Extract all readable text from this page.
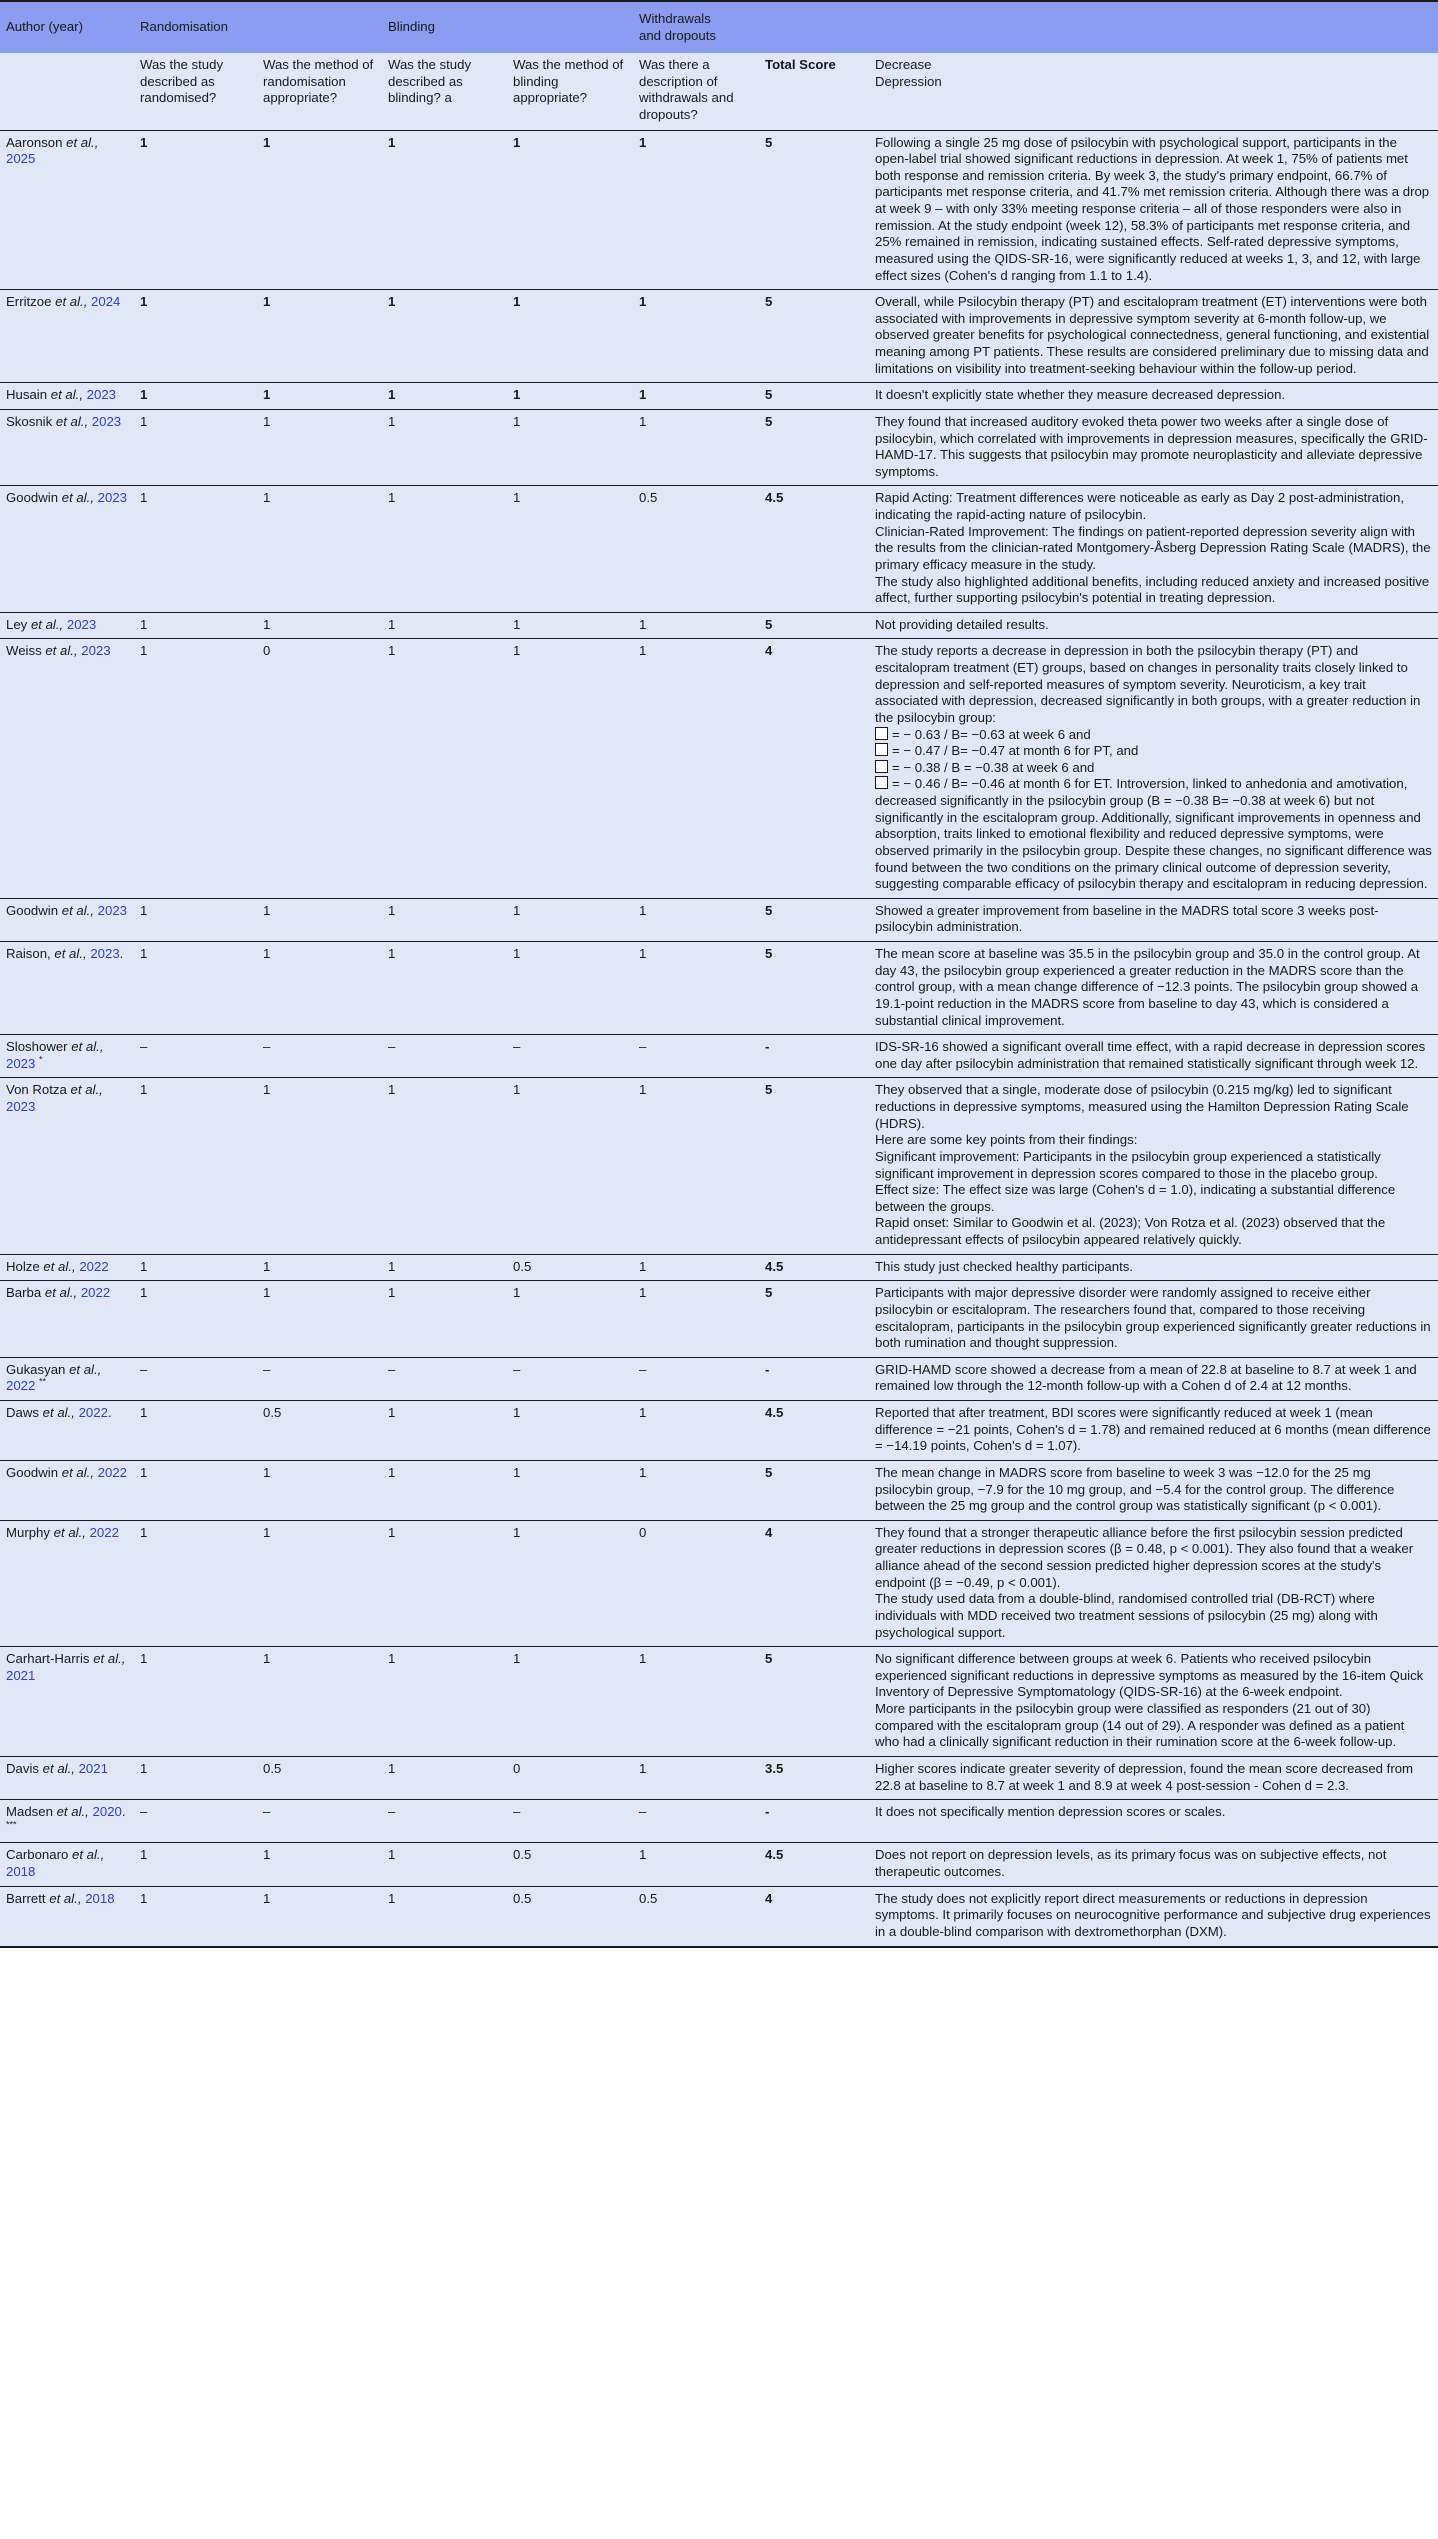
Author (year)	Randomisation		Blinding		Withdrawals
and dropouts		
	Was the study described as randomised?	Was the method of randomisation appropriate?	Was the study described as blinding? a	Was the method of blinding appropriate?	Was there a description of withdrawals and dropouts?	Total Score	Decrease
Depression
Aaronson et al., 2025	1	1	1	1	1	5	Following a single 25 mg dose of psilocybin with psychological support, participants in the open-label trial showed significant reductions in depression. At week 1, 75% of patients met both response and remission criteria. By week 3, the study's primary endpoint, 66.7% of participants met response criteria, and 41.7% met remission criteria. Although there was a drop at week 9 – with only 33% meeting response criteria – all of those responders were also in remission. At the study endpoint (week 12), 58.3% of participants met response criteria, and 25% remained in remission, indicating sustained effects. Self-rated depressive symptoms, measured using the QIDS-SR-16, were significantly reduced at weeks 1, 3, and 12, with large effect sizes (Cohen's d ranging from 1.1 to 1.4).
Erritzoe et al., 2024	1	1	1	1	1	5	Overall, while Psilocybin therapy (PT) and escitalopram treatment (ET) interventions were both associated with improvements in depressive symptom severity at 6-month follow-up, we observed greater benefits for psychological connectedness, general functioning, and existential meaning among PT patients. These results are considered preliminary due to missing data and limitations on visibility into treatment-seeking behaviour within the follow-up period.
Husain et al., 2023	1	1	1	1	1	5	It doesn't explicitly state whether they measure decreased depression.
Skosnik et al., 2023	1	1	1	1	1	5	They found that increased auditory evoked theta power two weeks after a single dose of psilocybin, which correlated with improvements in depression measures, specifically the GRID-HAMD-17. This suggests that psilocybin may promote neuroplasticity and alleviate depressive symptoms.
Goodwin et al., 2023	1	1	1	1	0.5	4.5	Rapid Acting: Treatment differences were noticeable as early as Day 2 post-administration, indicating the rapid-acting nature of psilocybin.

Clinician-Rated Improvement: The findings on patient-reported depression severity align with the results from the clinician-rated Montgomery-Åsberg Depression Rating Scale (MADRS), the primary efficacy measure in the study.

The study also highlighted additional benefits, including reduced anxiety and increased positive affect, further supporting psilocybin's potential in treating depression.

Ley et al., 2023	1	1	1	1	1	5	Not providing detailed results.
Weiss et al., 2023	1	0	1	1	1	4	The study reports a decrease in depression in both the psilocybin therapy (PT) and escitalopram treatment (ET) groups, based on changes in personality traits closely linked to depression and self-reported measures of symptom severity. Neuroticism, a key trait associated with depression, decreased significantly in both groups, with a greater reduction in the psilocybin group:

= − 0.63 / B= −0.63 at week 6 and

= − 0.47 / B= −0.47 at month 6 for PT, and

= − 0.38 / B = −0.38 at week 6 and

= − 0.46 / B= −0.46 at month 6 for ET. Introversion, linked to anhedonia and amotivation, decreased significantly in the psilocybin group (B = −0.38 B= −0.38 at week 6) but not significantly in the escitalopram group. Additionally, significant improvements in openness and absorption, traits linked to emotional flexibility and reduced depressive symptoms, were observed primarily in the psilocybin group. Despite these changes, no significant difference was found between the two conditions on the primary clinical outcome of depression severity, suggesting comparable efficacy of psilocybin therapy and escitalopram in reducing depression.

Goodwin et al., 2023	1	1	1	1	1	5	Showed a greater improvement from baseline in the MADRS total score 3 weeks post-psilocybin administration.
Raison, et al., 2023.	1	1	1	1	1	5	The mean score at baseline was 35.5 in the psilocybin group and 35.0 in the control group. At day 43, the psilocybin group experienced a greater reduction in the MADRS score than the control group, with a mean change difference of −12.3 points. The psilocybin group showed a 19.1-point reduction in the MADRS score from baseline to day 43, which is considered a substantial clinical improvement.
Sloshower et al., 2023 *	–	–	–	–	–	-	IDS-SR-16 showed a significant overall time effect, with a rapid decrease in depression scores one day after psilocybin administration that remained statistically significant through week 12.
Von Rotza et al., 2023	1	1	1	1	1	5	They observed that a single, moderate dose of psilocybin (0.215 mg/kg) led to significant reductions in depressive symptoms, measured using the Hamilton Depression Rating Scale (HDRS).

Here are some key points from their findings:

Significant improvement: Participants in the psilocybin group experienced a statistically significant improvement in depression scores compared to those in the placebo group.

Effect size: The effect size was large (Cohen's d = 1.0), indicating a substantial difference between the groups.

Rapid onset: Similar to Goodwin et al. (2023); Von Rotza et al. (2023) observed that the antidepressant effects of psilocybin appeared relatively quickly.

Holze et al., 2022	1	1	1	0.5	1	4.5	This study just checked healthy participants.
Barba et al., 2022	1	1	1	1	1	5	Participants with major depressive disorder were randomly assigned to receive either psilocybin or escitalopram. The researchers found that, compared to those receiving escitalopram, participants in the psilocybin group experienced significantly greater reductions in both rumination and thought suppression.
Gukasyan et al., 2022 **	–	–	–	–	–	-	GRID-HAMD score showed a decrease from a mean of 22.8 at baseline to 8.7 at week 1 and remained low through the 12-month follow-up with a Cohen d of 2.4 at 12 months.
Daws et al., 2022.	1	0.5	1	1	1	4.5	Reported that after treatment, BDI scores were significantly reduced at week 1 (mean difference = −21 points, Cohen's d = 1.78) and remained reduced at 6 months (mean difference = −14.19 points, Cohen's d = 1.07).
Goodwin et al., 2022	1	1	1	1	1	5	The mean change in MADRS score from baseline to week 3 was −12.0 for the 25 mg psilocybin group, −7.9 for the 10 mg group, and −5.4 for the control group. The difference between the 25 mg group and the control group was statistically significant (p < 0.001).
Murphy et al., 2022	1	1	1	1	0	4	They found that a stronger therapeutic alliance before the first psilocybin session predicted greater reductions in depression scores (β = 0.48, p < 0.001). They also found that a weaker alliance ahead of the second session predicted higher depression scores at the study's endpoint (β = −0.49, p < 0.001).

The study used data from a double-blind, randomised controlled trial (DB-RCT) where individuals with MDD received two treatment sessions of psilocybin (25 mg) along with psychological support.

Carhart-Harris et al., 2021	1	1	1	1	1	5	No significant difference between groups at week 6. Patients who received psilocybin experienced significant reductions in depressive symptoms as measured by the 16-item Quick Inventory of Depressive Symptomatology (QIDS-SR-16) at the 6-week endpoint.

More participants in the psilocybin group were classified as responders (21 out of 30) compared with the escitalopram group (14 out of 29). A responder was defined as a patient who had a clinically significant reduction in their rumination score at the 6-week follow-up.

Davis et al., 2021	1	0.5	1	0	1	3.5	Higher scores indicate greater severity of depression, found the mean score decreased from 22.8 at baseline to 8.7 at week 1 and 8.9 at week 4 post-session - Cohen d = 2.3.
Madsen et al., 2020. ***	–	–	–	–	–	-	It does not specifically mention depression scores or scales.
Carbonaro et al., 2018	1	1	1	0.5	1	4.5	Does not report on depression levels, as its primary focus was on subjective effects, not therapeutic outcomes.
Barrett et al., 2018	1	1	1	0.5	0.5	4	The study does not explicitly report direct measurements or reductions in depression symptoms. It primarily focuses on neurocognitive performance and subjective drug experiences in a double-blind comparison with dextromethorphan (DXM).
